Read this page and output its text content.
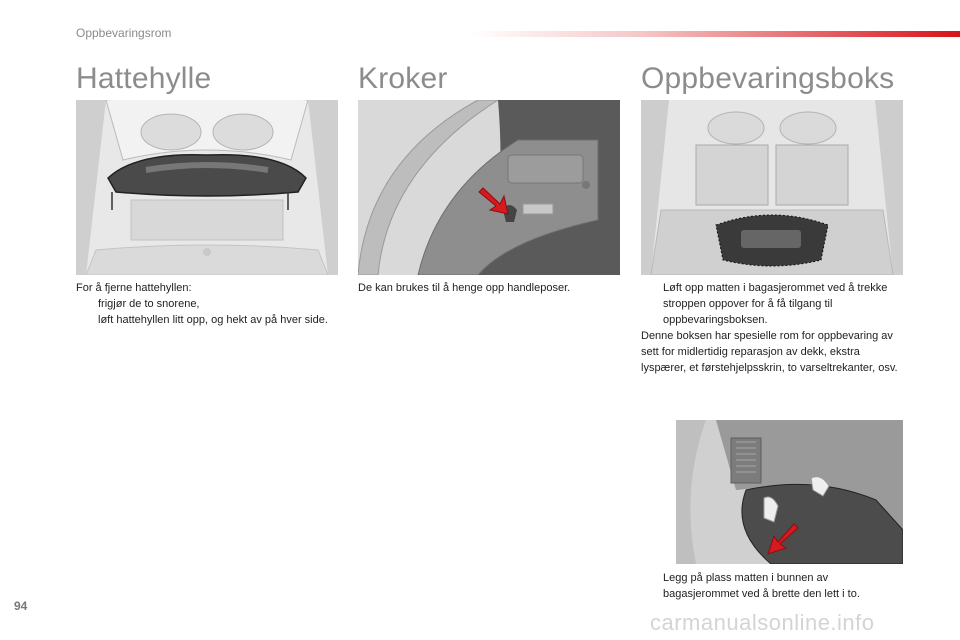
Oppbevaringsrom
Hattehylle

For å fjerne hattehyllen:

frigjør de to snorene,
løft hattehyllen litt opp, og hekt av på hver side.
Kroker

De kan brukes til å henge opp handleposer.

Oppbevaringsboks
Løft opp matten i bagasjerommet ved å trekke stroppen oppover for å få tilgang til oppbevaringsboksen.

Denne boksen har spesielle rom for oppbevaring av sett for midlertidig reparasjon av dekk, ekstra lyspærer, et førstehjelpsskrin, to varseltrekanter, osv.

Legg på plass matten i bunnen av bagasjerommet ved å brette den lett i to.
94
carmanualsonline.info
